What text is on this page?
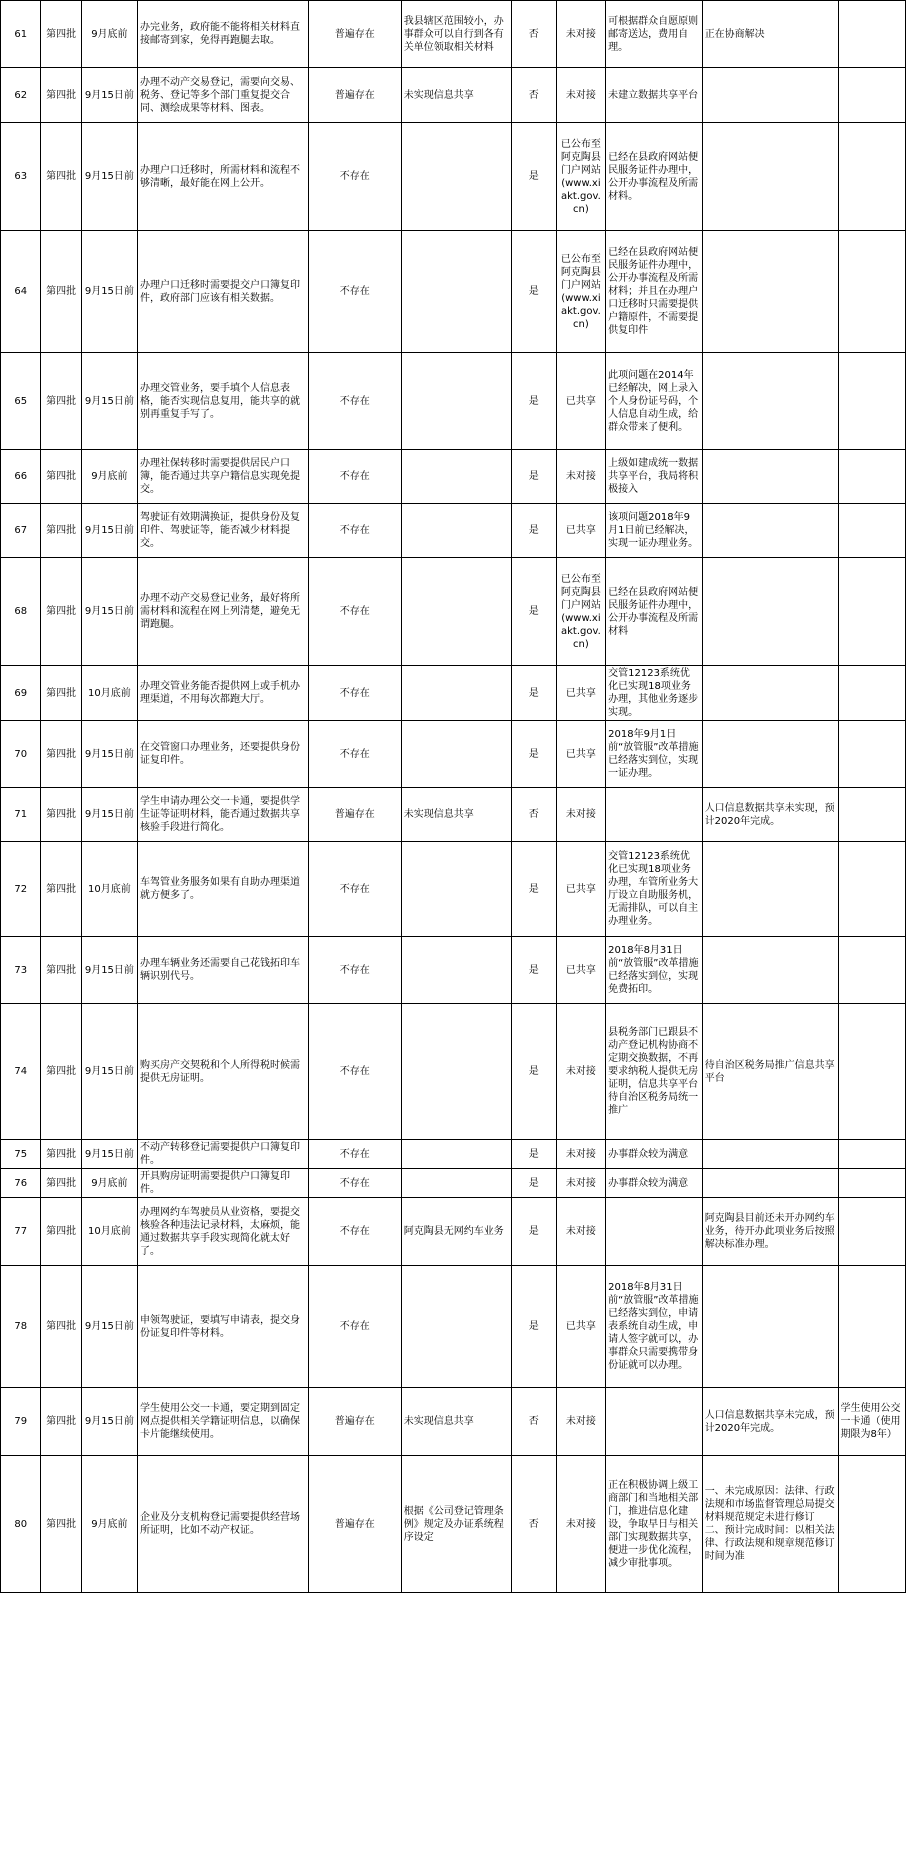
61	第四批	9月底前	办完业务，政府能不能将相关材料直接邮寄到家，免得再跑腿去取。	普遍存在	我县辖区范围较小，办事群众可以自行到各有关单位领取相关材料	否	未对接	可根据群众自愿原则邮寄送达，费用自理。	正在协商解决	
62	第四批	9月15日前	办理不动产交易登记，需要向交易、税务、登记等多个部门重复提交合同、测绘成果等材料、图表。	普遍存在	未实现信息共享	否	未对接	未建立数据共享平台		
63	第四批	9月15日前	办理户口迁移时，所需材料和流程不够清晰，最好能在网上公开。	不存在		是	已公布至阿克陶县门户网站(www.xiakt.gov.cn)	已经在县政府网站便民服务证件办理中，公开办事流程及所需材料。		
64	第四批	9月15日前	办理户口迁移时需要提交户口簿复印件，政府部门应该有相关数据。	不存在		是	已公布至阿克陶县门户网站(www.xiakt.gov.cn)	已经在县政府网站便民服务证件办理中，公开办事流程及所需材料；并且在办理户口迁移时只需要提供户籍原件，不需要提供复印件		
65	第四批	9月15日前	办理交管业务，要手填个人信息表格，能否实现信息复用，能共享的就别再重复手写了。	不存在		是	已共享	此项问题在2014年已经解决，网上录入个人身份证号码，个人信息自动生成，给群众带来了便利。		
66	第四批	9月底前	办理社保转移时需要提供居民户口簿，能否通过共享户籍信息实现免提交。	不存在		是	未对接	上级如建成统一数据共享平台，我局将积极接入		
67	第四批	9月15日前	驾驶证有效期满换证，提供身份及复印件、驾驶证等，能否减少材料提交。	不存在		是	已共享	该项问题2018年9月1日前已经解决，实现一证办理业务。		
68	第四批	9月15日前	办理不动产交易登记业务，最好将所需材料和流程在网上列清楚，避免无谓跑腿。	不存在		是	已公布至阿克陶县门户网站(www.xiakt.gov.cn)	已经在县政府网站便民服务证件办理中，公开办事流程及所需材料		
69	第四批	10月底前	办理交管业务能否提供网上或手机办理渠道，不用每次都跑大厅。	不存在		是	已共享	交管12123系统优化已实现18项业务办理，其他业务逐步实现。		
70	第四批	9月15日前	在交管窗口办理业务，还要提供身份证复印件。	不存在		是	已共享	2018年9月1日前“放管服”改革措施已经落实到位，实现一证办理。		
71	第四批	9月15日前	学生申请办理公交一卡通，要提供学生证等证明材料，能否通过数据共享核验手段进行简化。	普遍存在	未实现信息共享	否	未对接		人口信息数据共享未实现，预计2020年完成。	
72	第四批	10月底前	车驾管业务服务如果有自助办理渠道就方便多了。	不存在		是	已共享	交管12123系统优化已实现18项业务办理，车管所业务大厅设立自助服务机，无需排队，可以自主办理业务。		
73	第四批	9月15日前	办理车辆业务还需要自己花钱拓印车辆识别代号。	不存在		是	已共享	2018年8月31日前“放管服”改革措施已经落实到位，实现免费拓印。		
74	第四批	9月15日前	购买房产交契税和个人所得税时候需提供无房证明。	不存在		是	未对接	县税务部门已跟县不动产登记机构协商不定期交换数据，不再要求纳税人提供无房证明，信息共享平台待自治区税务局统一推广	待自治区税务局推广信息共享平台	
75	第四批	9月15日前	不动产转移登记需要提供户口簿复印件。	不存在		是	未对接	办事群众较为满意		
76	第四批	9月底前	开具购房证明需要提供户口簿复印件。	不存在		是	未对接	办事群众较为满意		
77	第四批	10月底前	办理网约车驾驶员从业资格，要提交核验各种违法记录材料，太麻烦，能通过数据共享手段实现简化就太好了。	不存在	阿克陶县无网约车业务	是	未对接		阿克陶县目前还未开办网约车业务，待开办此项业务后按照解决标准办理。	
78	第四批	9月15日前	申领驾驶证，要填写申请表，提交身份证复印件等材料。	不存在		是	已共享	2018年8月31日前“放管服”改革措施已经落实到位，申请表系统自动生成，申请人签字就可以，办事群众只需要携带身份证就可以办理。		
79	第四批	9月15日前	学生使用公交一卡通，要定期到固定网点提供相关学籍证明信息，以确保卡片能继续使用。	普遍存在	未实现信息共享	否	未对接		人口信息数据共享未完成，预计2020年完成。	学生使用公交一卡通（使用期限为8年）
80	第四批	9月底前	企业及分支机构登记需要提供经营场所证明，比如不动产权证。	普遍存在	根据《公司登记管理条例》规定及办证系统程序设定	否	未对接	正在积极协调上级工商部门和当地相关部门，推进信息化建设，争取早日与相关部门实现数据共享，便进一步优化流程，减少审批事项。	一、未完成原因：法律、行政法规和市场监督管理总局提交材料规范规定未进行修订 二、预计完成时间：以相关法律、行政法规和规章规范修订时间为准	
